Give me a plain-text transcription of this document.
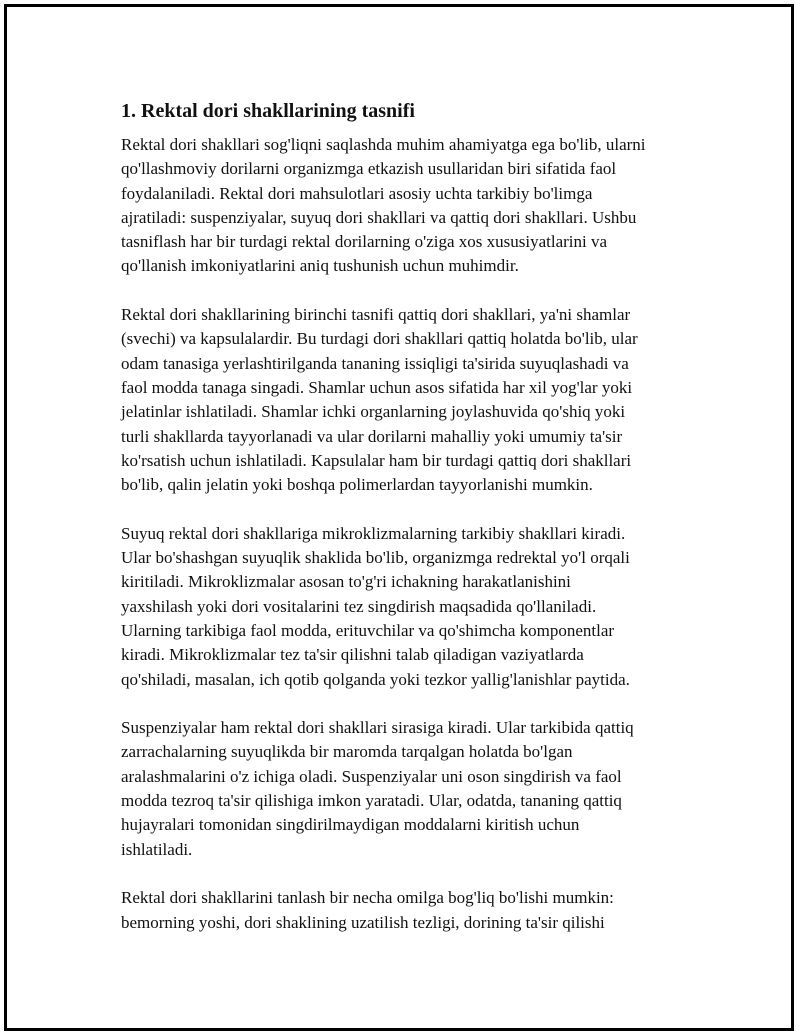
1. Rektal dori shakllarining tasnifi

Rektal dori shakllari sog'liqni saqlashda muhim ahamiyatga ega bo'lib, ularni
qo'llashmoviy dorilarni organizmga etkazish usullaridan biri sifatida faol
foydalaniladi. Rektal dori mahsulotlari asosiy uchta tarkibiy bo'limga
ajratiladi: suspenziyalar, suyuq dori shakllari va qattiq dori shakllari. Ushbu
tasniflash har bir turdagi rektal dorilarning o'ziga xos xususiyatlarini va
qo'llanish imkoniyatlarini aniq tushunish uchun muhimdir.

Rektal dori shakllarining birinchi tasnifi qattiq dori shakllari, ya'ni shamlar
(svechi) va kapsulalardir. Bu turdagi dori shakllari qattiq holatda bo'lib, ular
odam tanasiga yerlashtirilganda tananing issiqligi ta'sirida suyuqlashadi va
faol modda tanaga singadi. Shamlar uchun asos sifatida har xil yog'lar yoki
jelatinlar ishlatiladi. Shamlar ichki organlarning joylashuvida qo'shiq yoki
turli shakllarda tayyorlanadi va ular dorilarni mahalliy yoki umumiy ta'sir
ko'rsatish uchun ishlatiladi. Kapsulalar ham bir turdagi qattiq dori shakllari
bo'lib, qalin jelatin yoki boshqa polimerlardan tayyorlanishi mumkin.

Suyuq rektal dori shakllariga mikroklizmalarning tarkibiy shakllari kiradi.
Ular bo'shashgan suyuqlik shaklida bo'lib, organizmga redrektal yo'l orqali
kiritiladi. Mikroklizmalar asosan to'g'ri ichakning harakatlanishini
yaxshilash yoki dori vositalarini tez singdirish maqsadida qo'llaniladi.
Ularning tarkibiga faol modda, erituvchilar va qo'shimcha komponentlar
kiradi. Mikroklizmalar tez ta'sir qilishni talab qiladigan vaziyatlarda
qo'shiladi, masalan, ich qotib qolganda yoki tezkor yallig'lanishlar paytida.

Suspenziyalar ham rektal dori shakllari sirasiga kiradi. Ular tarkibida qattiq
zarrachalarning suyuqlikda bir maromda tarqalgan holatda bo'lgan
aralashmalarini o'z ichiga oladi. Suspenziyalar uni oson singdirish va faol
modda tezroq ta'sir qilishiga imkon yaratadi. Ular, odatda, tananing qattiq
hujayralari tomonidan singdirilmaydigan moddalarni kiritish uchun
ishlatiladi.

Rektal dori shakllarini tanlash bir necha omilga bog'liq bo'lishi mumkin:
bemorning yoshi, dori shaklining uzatilish tezligi, dorining ta'sir qilishi
